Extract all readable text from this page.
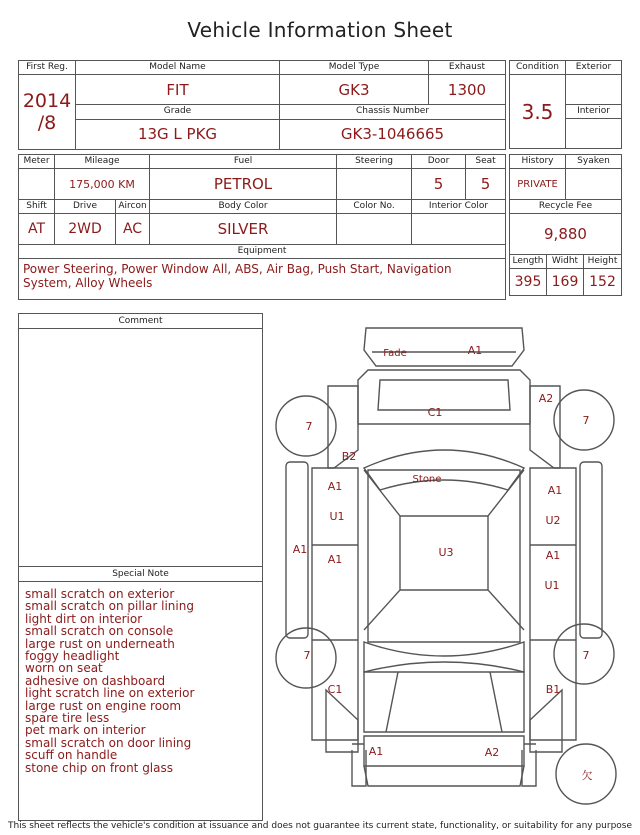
Vehicle Information Sheet
First Reg.	Model Name	Model Type	Exhaust

2014
/8	FIT	GK3	1300
	Grade	Chassis Number	
	13G L PKG	GK3-1046665	
Meter	Mileage		Fuel	Steering	Door	Seat
	175,000 KM		PETROL		5	5
Shift	Drive	Aircon	Body Color	Color No.	Interior Color	
AT	2WD	AC	SILVER			
Equipment						
Power Steering, Power Window All, ABS, Air Bag, Push Start, Navigation System, Alloy Wheels						
Condition	Exterior
3.5	
	Interior

History	Syaken
PRIVATE	
Recycle Fee		
9,880		
Length	Widht	Height
395	169	152
Comment
Special Note
small scratch on exterior
small scratch on pillar lining
light dirt on interior
small scratch on console
large rust on underneath
foggy headlight
worn on seat
adhesive on dashboard
light scratch line on exterior
large rust on engine room
spare tire less
pet mark on interior
small scratch on door lining
scuff on handle
stone chip on front glass
Fade	A1
A2
C1
7	7
B2
Stone
A1
U1
A1
A1
U3
A1
U2
A1
U1
7	7
C1	B1
A1	A2
欠
This sheet reflects the vehicle's condition at issuance and does not guarantee its current state, functionality, or suitability for any purpose
